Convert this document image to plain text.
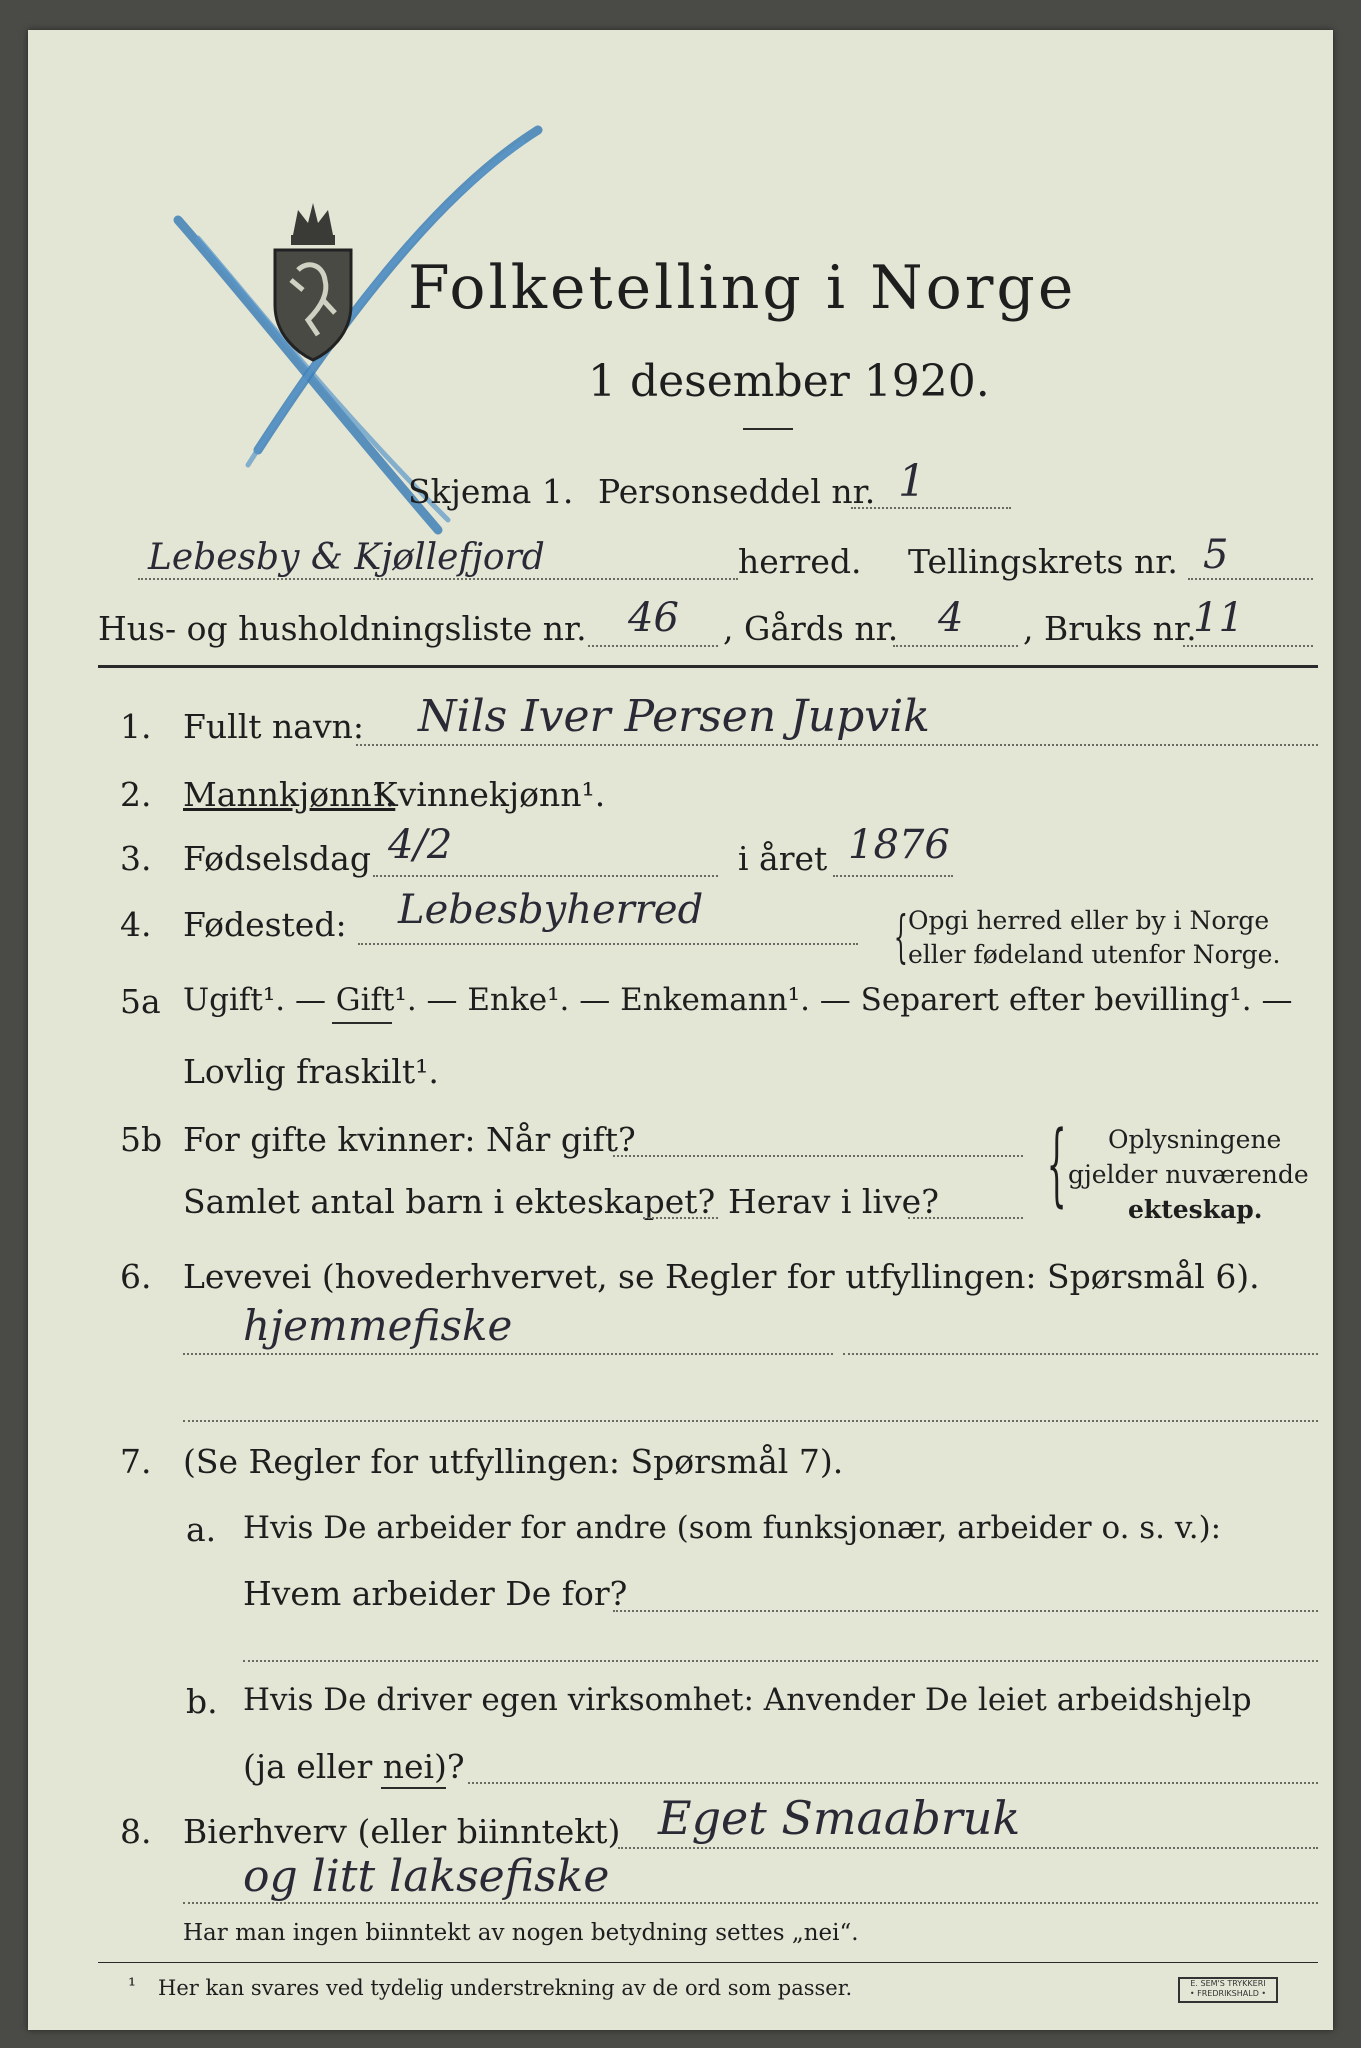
Folketelling i Norge
1 desember 1920.
Skjema 1. Personseddel nr. 1
Lebesby & Kjøllefjord	herred. Tellingskrets nr. 5
Hus- og husholdningsliste nr. 46 , Gårds nr. 4 , Bruks nr.
11
1. Fullt navn: Nils Iver Persen Jupvik
2. Mannkjønn¹.
Kvinnekjønn¹.
3. Fødselsdag 4/2	i året 1876
4. Fødested: Lebesbyherred	{ Opgi herred eller by i Norge
eller fødeland utenfor Norge.
5a Ugift¹. — Gift¹. — Enke¹. — Enkemann¹. — Separert efter bevilling¹. —
Lovlig fraskilt¹.
5b For gifte kvinner: Når gift?
Samlet antal barn i ekteskapet? Herav i live? { Oplysningene
gjelder nuværende
ekteskap.
6. Levevei (hovederhvervet, se Regler for utfyllingen: Spørsmål 6).
hjemmefiske
7. (Se Regler for utfyllingen: Spørsmål 7).
a. Hvis De arbeider for andre (som funksjonær, arbeider o. s. v.):
Hvem arbeider De for?
b. Hvis De driver egen virksomhet: Anvender De leiet arbeidshjelp
(ja eller nei)?
8. Bierhverv (eller biinntekt) Eget Smaabruk
og litt laksefiske
Har man ingen biinntekt av nogen betydning settes „nei“.
¹ Her kan svares ved tydelig understrekning av de ord som passer.	E. SEM'S TRYKKERI
• FREDRIKSHALD •
